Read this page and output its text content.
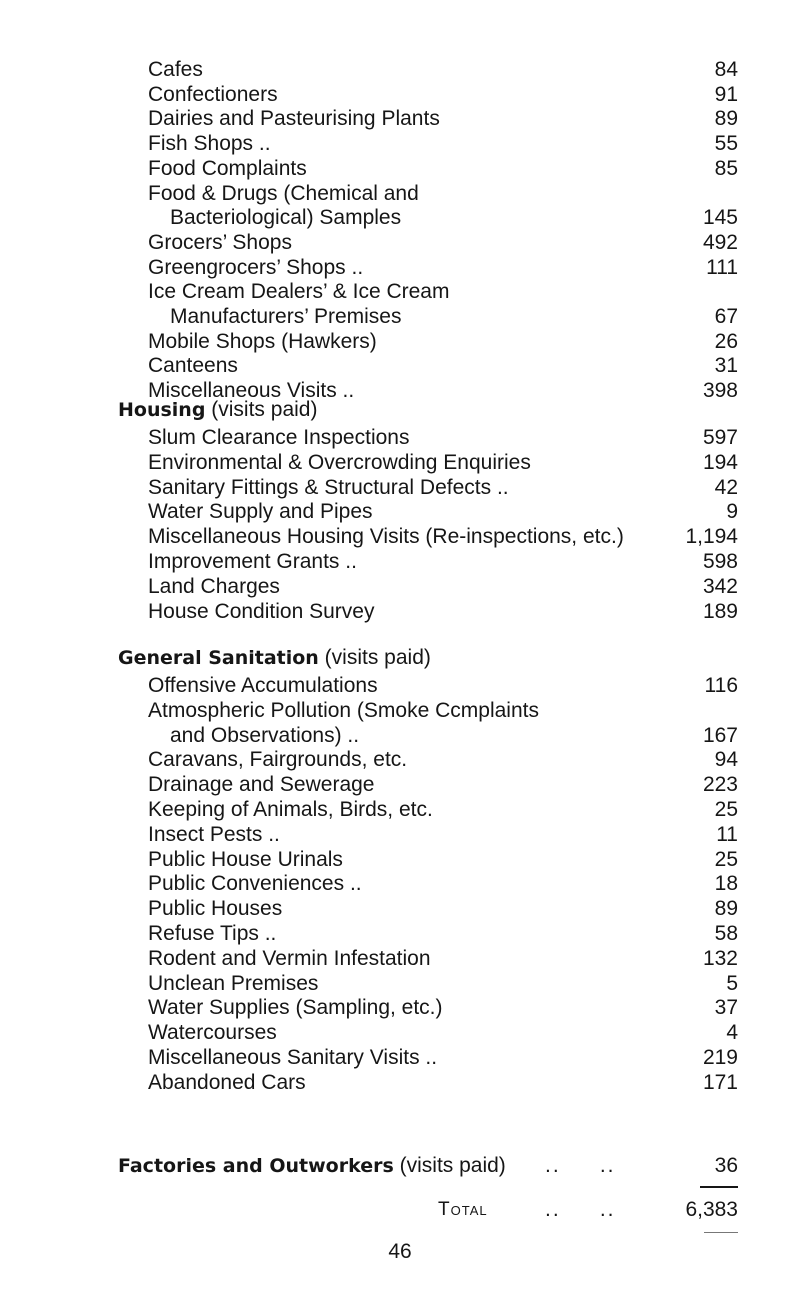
Cafes	84
Confectioners	91
Dairies and Pasteurising Plants	89
Fish Shops ..	55
Food Complaints	85
Food & Drugs (Chemical and
Bacteriological) Samples	145
Grocers’ Shops	492
Greengrocers’ Shops ..	111
Ice Cream Dealers’ & Ice Cream
Manufacturers’ Premises	67
Mobile Shops (Hawkers)	26
Canteens	31
Miscellaneous Visits ..	398
Housing (visits paid)
Slum Clearance Inspections	597
Environmental & Overcrowding Enquiries	194
Sanitary Fittings & Structural Defects ..	42
Water Supply and Pipes	9
Miscellaneous Housing Visits (Re-inspections, etc.)	1,194
Improvement Grants ..	598
Land Charges	342
House Condition Survey	189
General Sanitation (visits paid)
Offensive Accumulations	116
Atmospheric Pollution (Smoke Ccmplaints
and Observations) ..	167
Caravans, Fairgrounds, etc.	94
Drainage and Sewerage	223
Keeping of Animals, Birds, etc.	25
Insect Pests ..	11
Public House Urinals	25
Public Conveniences ..	18
Public Houses	89
Refuse Tips ..	58
Rodent and Vermin Infestation	132
Unclean Premises	5
Water Supplies (Sampling, etc.)	37
Watercourses	4
Miscellaneous Sanitary Visits ..	219
Abandoned Cars	171
Factories and Outworkers (visits paid) ..     ..	36
Total	..     ..	6,383
46
